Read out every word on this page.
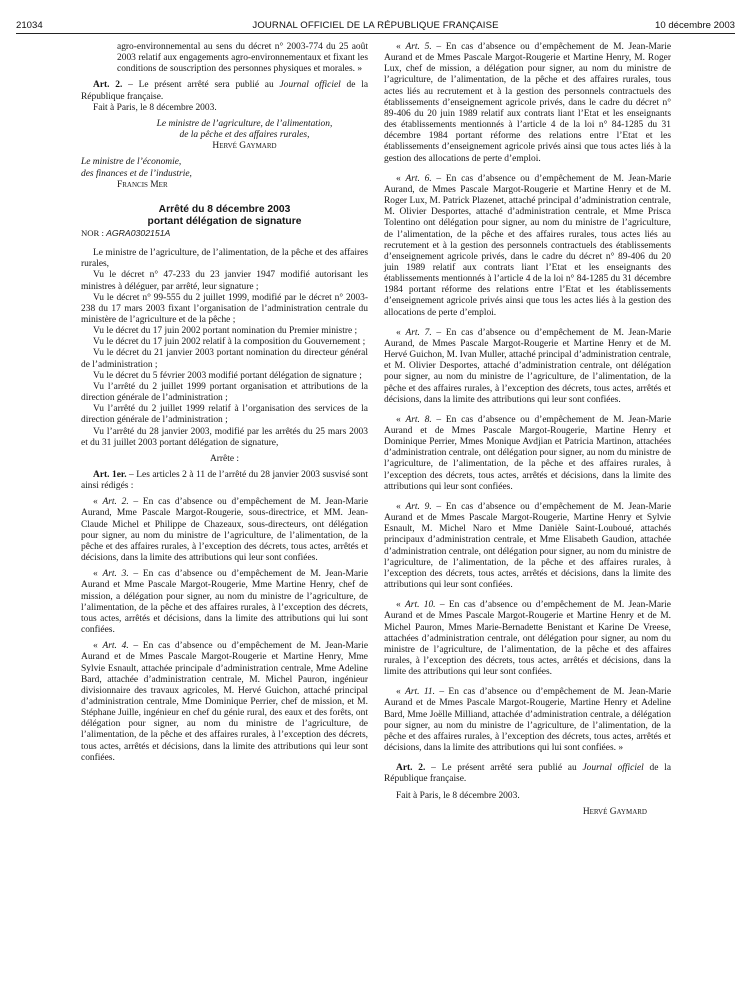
21034	JOURNAL OFFICIEL DE LA RÉPUBLIQUE FRANÇAISE	10 décembre 2003

agro-environnemental au sens du décret n° 2003-774 du 25 août 2003 relatif aux engagements agro-environnementaux et fixant les conditions de souscription des personnes physiques et morales. »

Art. 2. – Le présent arrêté sera publié au Journal officiel de la République française.

Fait à Paris, le 8 décembre 2003.

Le ministre de l’agriculture, de l’alimentation,

de la pêche et des affaires rurales,

Hervé Gaymard

Le ministre de l’économie,

des finances et de l’industrie,

Francis Mer

Arrêté du 8 décembre 2003
portant délégation de signature

NOR : AGRA0302151A

Le ministre de l’agriculture, de l’alimentation, de la pêche et des affaires rurales,

Vu le décret n° 47-233 du 23 janvier 1947 modifié autorisant les ministres à déléguer, par arrêté, leur signature ;

Vu le décret n° 99-555 du 2 juillet 1999, modifié par le décret n° 2003-238 du 17 mars 2003 fixant l’organisation de l’administration centrale du ministère de l’agriculture et de la pêche ;

Vu le décret du 17 juin 2002 portant nomination du Premier ministre ;

Vu le décret du 17 juin 2002 relatif à la composition du Gouvernement ;

Vu le décret du 21 janvier 2003 portant nomination du directeur général de l’administration ;

Vu le décret du 5 février 2003 modifié portant délégation de signature ;

Vu l’arrêté du 2 juillet 1999 portant organisation et attributions de la direction générale de l’administration ;

Vu l’arrêté du 2 juillet 1999 relatif à l’organisation des services de la direction générale de l’administration ;

Vu l’arrêté du 28 janvier 2003, modifié par les arrêtés du 25 mars 2003 et du 31 juillet 2003 portant délégation de signature,

Arrête :

Art. 1er. – Les articles 2 à 11 de l’arrêté du 28 janvier 2003 susvisé sont ainsi rédigés :

« Art. 2. – En cas d’absence ou d’empêchement de M. Jean-Marie Aurand, Mme Pascale Margot-Rougerie, sous-directrice, et MM. Jean-Claude Michel et Philippe de Chazeaux, sous-directeurs, ont délégation pour signer, au nom du ministre de l’agriculture, de l’alimentation, de la pêche et des affaires rurales, à l’exception des décrets, tous actes, arrêtés et décisions, dans la limite des attributions qui leur sont confiées.

« Art. 3. – En cas d’absence ou d’empêchement de M. Jean-Marie Aurand et Mme Pascale Margot-Rougerie, Mme Martine Henry, chef de mission, a délégation pour signer, au nom du ministre de l’agriculture, de l’alimentation, de la pêche et des affaires rurales, à l’exception des décrets, tous actes, arrêtés et décisions, dans la limite des attributions qui lui sont confiées.

« Art. 4. – En cas d’absence ou d’empêchement de M. Jean-Marie Aurand et de Mmes Pascale Margot-Rougerie et Martine Henry, Mme Sylvie Esnault, attachée principale d’administration centrale, Mme Adeline Bard, attachée d’administration centrale, M. Michel Pauron, ingénieur divisionnaire des travaux agricoles, M. Hervé Guichon, attaché principal d’administration centrale, Mme Dominique Perrier, chef de mission, et M. Stéphane Juille, ingénieur en chef du génie rural, des eaux et des forêts, ont délégation pour signer, au nom du ministre de l’agriculture, de l’alimentation, de la pêche et des affaires rurales, à l’exception des décrets, tous actes, arrêtés et décisions, dans la limite des attributions qui leur sont confiées.

« Art. 5. – En cas d’absence ou d’empêchement de M. Jean-Marie Aurand et de Mmes Pascale Margot-Rougerie et Martine Henry, M. Roger Lux, chef de mission, a délégation pour signer, au nom du ministre de l’agriculture, de l’alimentation, de la pêche et des affaires rurales, tous actes liés au recrutement et à la gestion des personnels contractuels des établissements d’enseignement agricole privés, dans le cadre du décret n° 89-406 du 20 juin 1989 relatif aux contrats liant l’Etat et les enseignants des établissements mentionnés à l’article 4 de la loi n° 84-1285 du 31 décembre 1984 portant réforme des relations entre l’Etat et les établissements d’enseignement agricole privés ainsi que tous actes liés à la gestion des allocations de perte d’emploi.

« Art. 6. – En cas d’absence ou d’empêchement de M. Jean-Marie Aurand, de Mmes Pascale Margot-Rougerie et Martine Henry et de M. Roger Lux, M. Patrick Plazenet, attaché principal d’administration centrale, M. Olivier Desportes, attaché d’administration centrale, et Mme Prisca Tolentino ont délégation pour signer, au nom du ministre de l’agriculture, de l’alimentation, de la pêche et des affaires rurales, tous actes liés au recrutement et à la gestion des personnels contractuels des établissements d’enseignement agricole privés, dans le cadre du décret n° 89-406 du 20 juin 1989 relatif aux contrats liant l’Etat et les enseignants des établissements mentionnés à l’article 4 de la loi n° 84-1285 du 31 décembre 1984 portant réforme des relations entre l’Etat et les établissements d’enseignement agricole privés ainsi que tous les actes liés à la gestion des allocations de perte d’emploi.

« Art. 7. – En cas d’absence ou d’empêchement de M. Jean-Marie Aurand, de Mmes Pascale Margot-Rougerie et Martine Henry et de M. Hervé Guichon, M. Ivan Muller, attaché principal d’administration centrale, et M. Olivier Desportes, attaché d’administration centrale, ont délégation pour signer, au nom du ministre de l’agriculture, de l’alimentation, de la pêche et des affaires rurales, à l’exception des décrets, tous actes, arrêtés et décisions, dans la limite des attributions qui leur sont confiées.

« Art. 8. – En cas d’absence ou d’empêchement de M. Jean-Marie Aurand et de Mmes Pascale Margot-Rougerie, Martine Henry et Dominique Perrier, Mmes Monique Avdjian et Patricia Martinon, attachées d’administration centrale, ont délégation pour signer, au nom du ministre de l’agriculture, de l’alimentation, de la pêche et des affaires rurales, à l’exception des décrets, tous actes, arrêtés et décisions, dans la limite des attributions qui leur sont confiées.

« Art. 9. – En cas d’absence ou d’empêchement de M. Jean-Marie Aurand et de Mmes Pascale Margot-Rougerie, Martine Henry et Sylvie Esnault, M. Michel Naro et Mme Danièle Saint-Louboué, attachés principaux d’administration centrale, et Mme Elisabeth Gaudion, attachée d’administration centrale, ont délégation pour signer, au nom du ministre de l’agriculture, de l’alimentation, de la pêche et des affaires rurales, à l’exception des décrets, tous actes, arrêtés et décisions, dans la limite des attributions qui leur sont confiées.

« Art. 10. – En cas d’absence ou d’empêchement de M. Jean-Marie Aurand et de Mmes Pascale Margot-Rougerie et Martine Henry et de M. Michel Pauron, Mmes Marie-Bernadette Benistant et Karine De Vreese, attachées d’administration centrale, ont délégation pour signer, au nom du ministre de l’agriculture, de l’alimentation, de la pêche et des affaires rurales, à l’exception des décrets, tous actes, arrêtés et décisions, dans la limite des attributions qui leur sont confiées.

« Art. 11. – En cas d’absence ou d’empêchement de M. Jean-Marie Aurand et de Mmes Pascale Margot-Rougerie, Martine Henry et Adeline Bard, Mme Joëlle Milliand, attachée d’administration centrale, a délégation pour signer, au nom du ministre de l’agriculture, de l’alimentation, de la pêche et des affaires rurales, à l’exception des décrets, tous actes, arrêtés et décisions, dans la limite des attributions qui lui sont confiées. »

Art. 2. – Le présent arrêté sera publié au Journal officiel de la République française.

Fait à Paris, le 8 décembre 2003.

Hervé Gaymard
